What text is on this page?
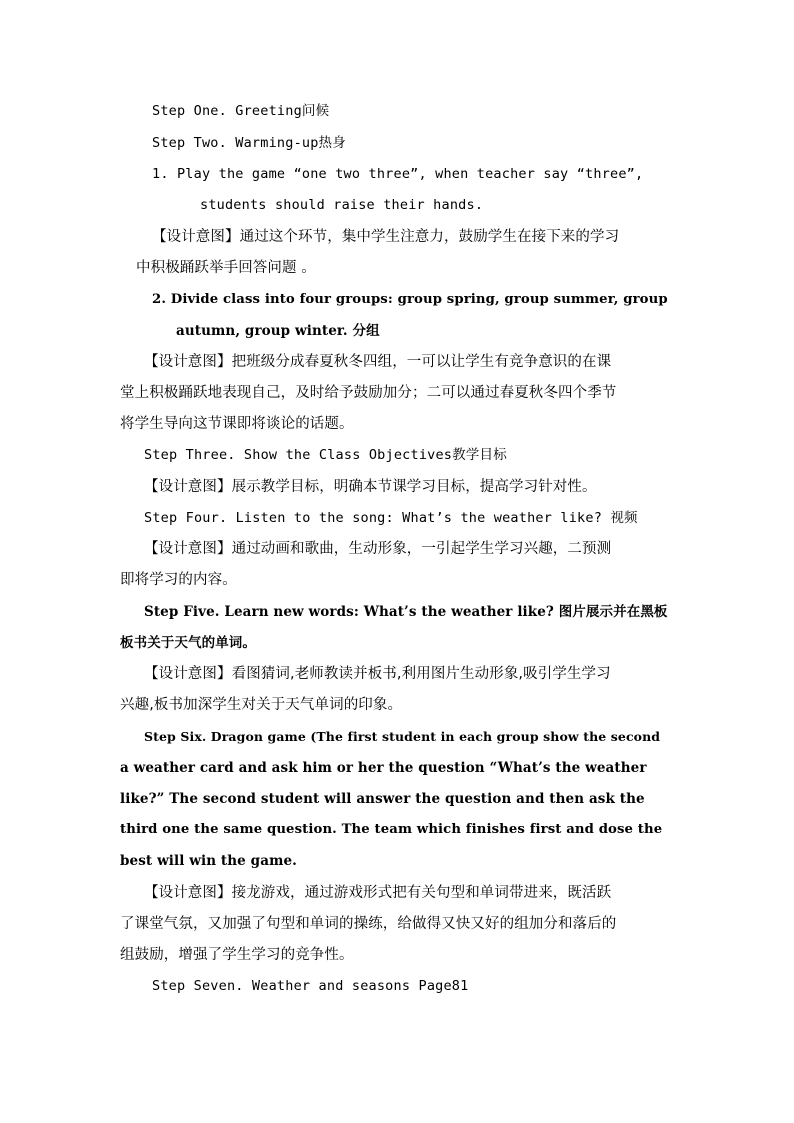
Step One. Greeting问候
Step Two. Warming-up热身
1. Play the game “one two three”, when teacher say “three”,
students should raise their hands.
【设计意图】通过这个环节，集中学生注意力，鼓励学生在接下来的学习
中积极踊跃举手回答问题 。
2. Divide class into four groups: group spring, group summer, group
autumn, group winter. 分组
【设计意图】把班级分成春夏秋冬四组，一可以让学生有竞争意识的在课
堂上积极踊跃地表现自己，及时给予鼓励加分；二可以通过春夏秋冬四个季节
将学生导向这节课即将谈论的话题。
Step Three. Show the Class Objectives教学目标
【设计意图】展示教学目标，明确本节课学习目标，提高学习针对性。
Step Four. Listen to the song: What’s the weather like? 视频
【设计意图】通过动画和歌曲，生动形象，一引起学生学习兴趣，二预测
即将学习的内容。
Step Five. Learn new words: What’s the weather like? 图片展示并在黑板
板书关于天气的单词。
【设计意图】看图猜词,老师教读并板书,利用图片生动形象,吸引学生学习
兴趣,板书加深学生对关于天气单词的印象。
Step Six. Dragon game (The first student in each group show the second
a weather card and ask him or her the question “What’s the weather
like?” The second student will answer the question and then ask the
third one the same question. The team which finishes first and dose the
best will win the game.
【设计意图】接龙游戏，通过游戏形式把有关句型和单词带进来，既活跃
了课堂气氛，又加强了句型和单词的操练，给做得又快又好的组加分和落后的
组鼓励，增强了学生学习的竞争性。
Step Seven. Weather and seasons Page81
